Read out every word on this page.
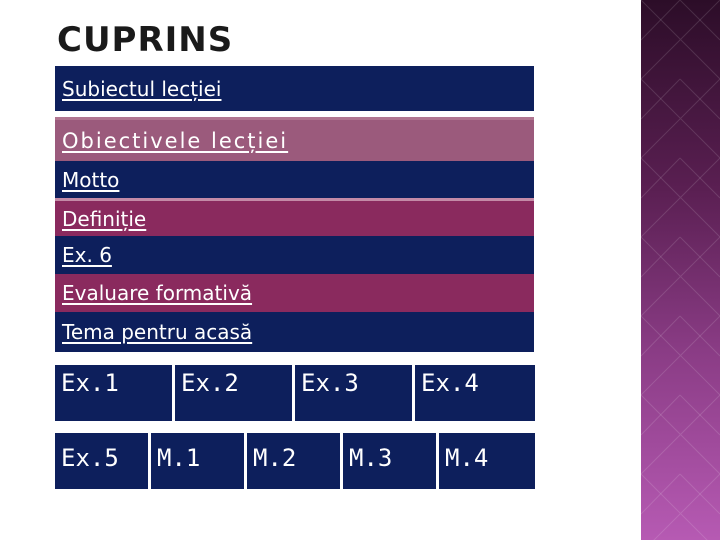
CUPRINS
Subiectul lecției
Obiectivele lecției
Motto
Definiție
Ex. 6
Evaluare formativă
Tema pentru acasă
Ex.1	Ex.2	Ex.3	Ex.4
Ex.5 M.1 M.2 M.3 M.4
